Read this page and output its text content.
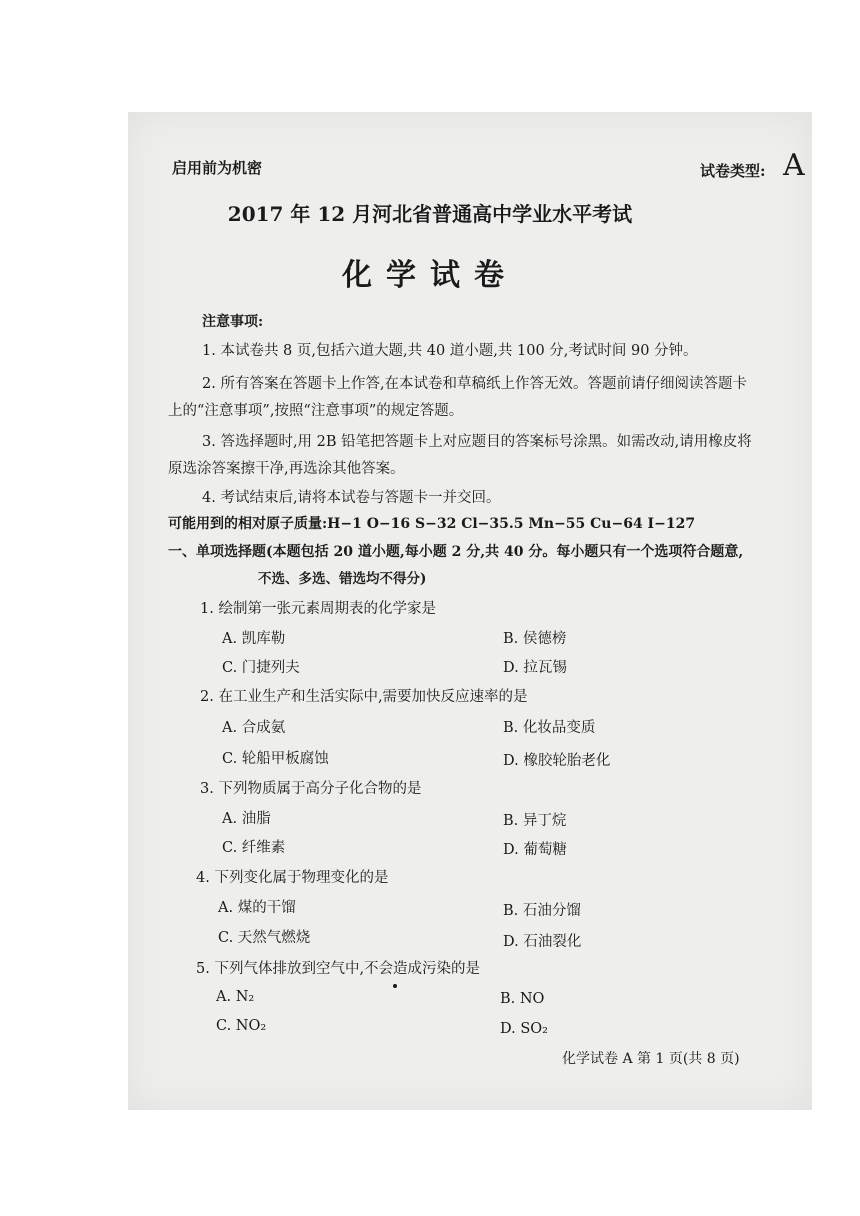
启用前为机密	试卷类型: A
2017 年 12 月河北省普通高中学业水平考试
化学试卷
注意事项:
1. 本试卷共 8 页,包括六道大题,共 40 道小题,共 100 分,考试时间 90 分钟。
2. 所有答案在答题卡上作答,在本试卷和草稿纸上作答无效。答题前请仔细阅读答题卡
上的“注意事项”,按照“注意事项”的规定答题。
3. 答选择题时,用 2B 铅笔把答题卡上对应题目的答案标号涂黑。如需改动,请用橡皮将
原选涂答案擦干净,再选涂其他答案。
4. 考试结束后,请将本试卷与答题卡一并交回。
可能用到的相对原子质量:H−1 O−16 S−32 Cl−35.5 Mn−55 Cu−64 I−127
一、单项选择题(本题包括 20 道小题,每小题 2 分,共 40 分。每小题只有一个选项符合题意,
不选、多选、错选均不得分)
1. 绘制第一张元素周期表的化学家是
A. 凯库勒	B. 侯德榜
C. 门捷列夫	D. 拉瓦锡
2. 在工业生产和生活实际中,需要加快反应速率的是
A. 合成氨	B. 化妆品变质
C. 轮船甲板腐蚀	D. 橡胶轮胎老化
3. 下列物质属于高分子化合物的是
A. 油脂	B. 异丁烷
C. 纤维素	D. 葡萄糖
4. 下列变化属于物理变化的是
A. 煤的干馏	B. 石油分馏
C. 天然气燃烧	D. 石油裂化
5. 下列气体排放到空气中,不会造成污染的是
A. N₂	B. NO
C. NO₂	D. SO₂
化学试卷 A 第 1 页(共 8 页)
